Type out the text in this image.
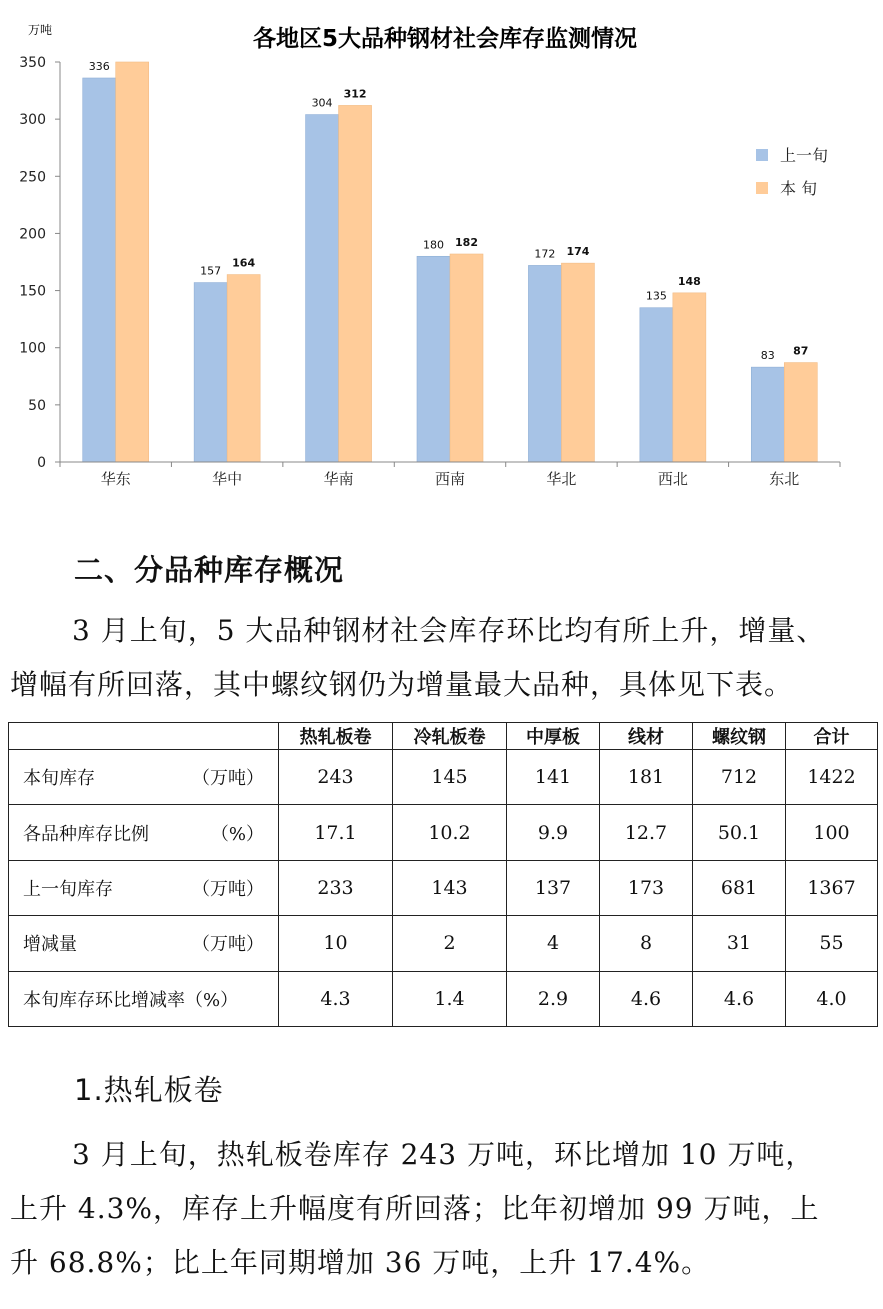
各地区5大品种钢材社会库存监测情况
万吨
0
50
100
150
200
250
300
350	336
157
164
304
312
180 182
172 174
135
148
83 87
华东	华中	华南	西南	华北	西北	东北
上一旬
本 旬
二、分品种库存概况
3 月上旬，5 大品种钢材社会库存环比均有所上升，增量、
增幅有所回落，其中螺纹钢仍为增量最大品种，具体见下表。
	热轧板卷	冷轧板卷	中厚板	线材	螺纹钢	合计

本旬库存 （万吨）	243	145	141	181	712	1422

各品种库存比例 （%）	17.1	10.2	9.9	12.7	50.1	100

上一旬库存 （万吨）	233	143	137	173	681	1367

增减量 （万吨）	10	2	4	8	31	55

本旬库存环比增减率（%）	4.3	1.4	2.9	4.6	4.6	4.0
1.热轧板卷
3 月上旬，热轧板卷库存 243 万吨，环比增加 10 万吨，
上升 4.3%，库存上升幅度有所回落；比年初增加 99 万吨，上
升 68.8%；比上年同期增加 36 万吨，上升 17.4%。
